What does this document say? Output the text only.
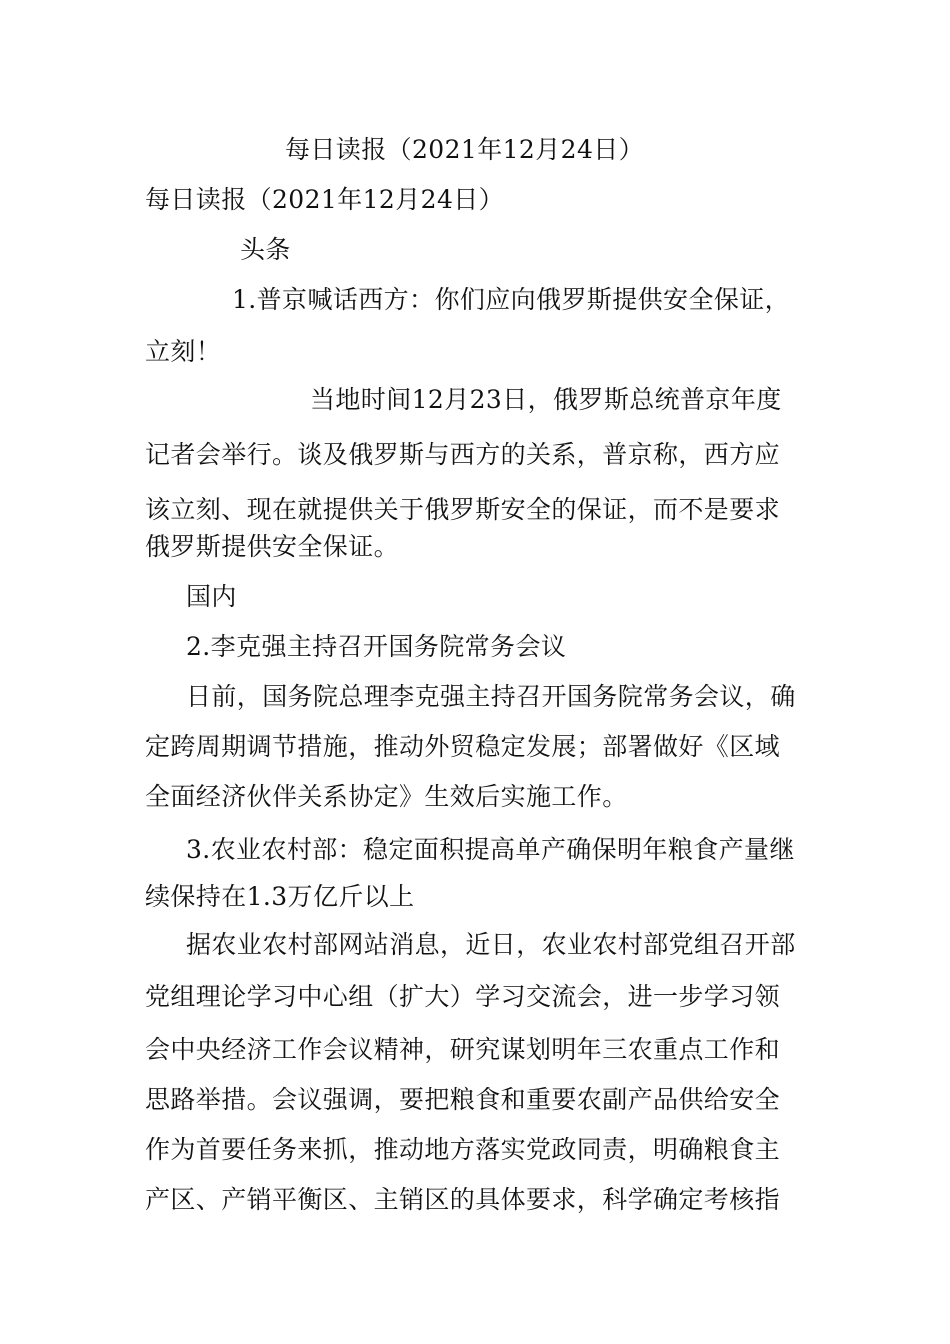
每日读报（2021年12月24日）
每日读报（2021年12月24日）
头条
1.普京喊话西方：你们应向俄罗斯提供安全保证，
立刻！
当地时间12月23日，俄罗斯总统普京年度
记者会举行。谈及俄罗斯与西方的关系，普京称，西方应
该立刻、现在就提供关于俄罗斯安全的保证，而不是要求
俄罗斯提供安全保证。
国内
2.李克强主持召开国务院常务会议
日前，国务院总理李克强主持召开国务院常务会议，确
定跨周期调节措施，推动外贸稳定发展；部署做好《区域
全面经济伙伴关系协定》生效后实施工作。
3.农业农村部：稳定面积提高单产确保明年粮食产量继
续保持在1.3万亿斤以上
据农业农村部网站消息，近日，农业农村部党组召开部
党组理论学习中心组（扩大）学习交流会，进一步学习领
会中央经济工作会议精神，研究谋划明年三农重点工作和
思路举措。会议强调，要把粮食和重要农副产品供给安全
作为首要任务来抓，推动地方落实党政同责，明确粮食主
产区、产销平衡区、主销区的具体要求，科学确定考核指
